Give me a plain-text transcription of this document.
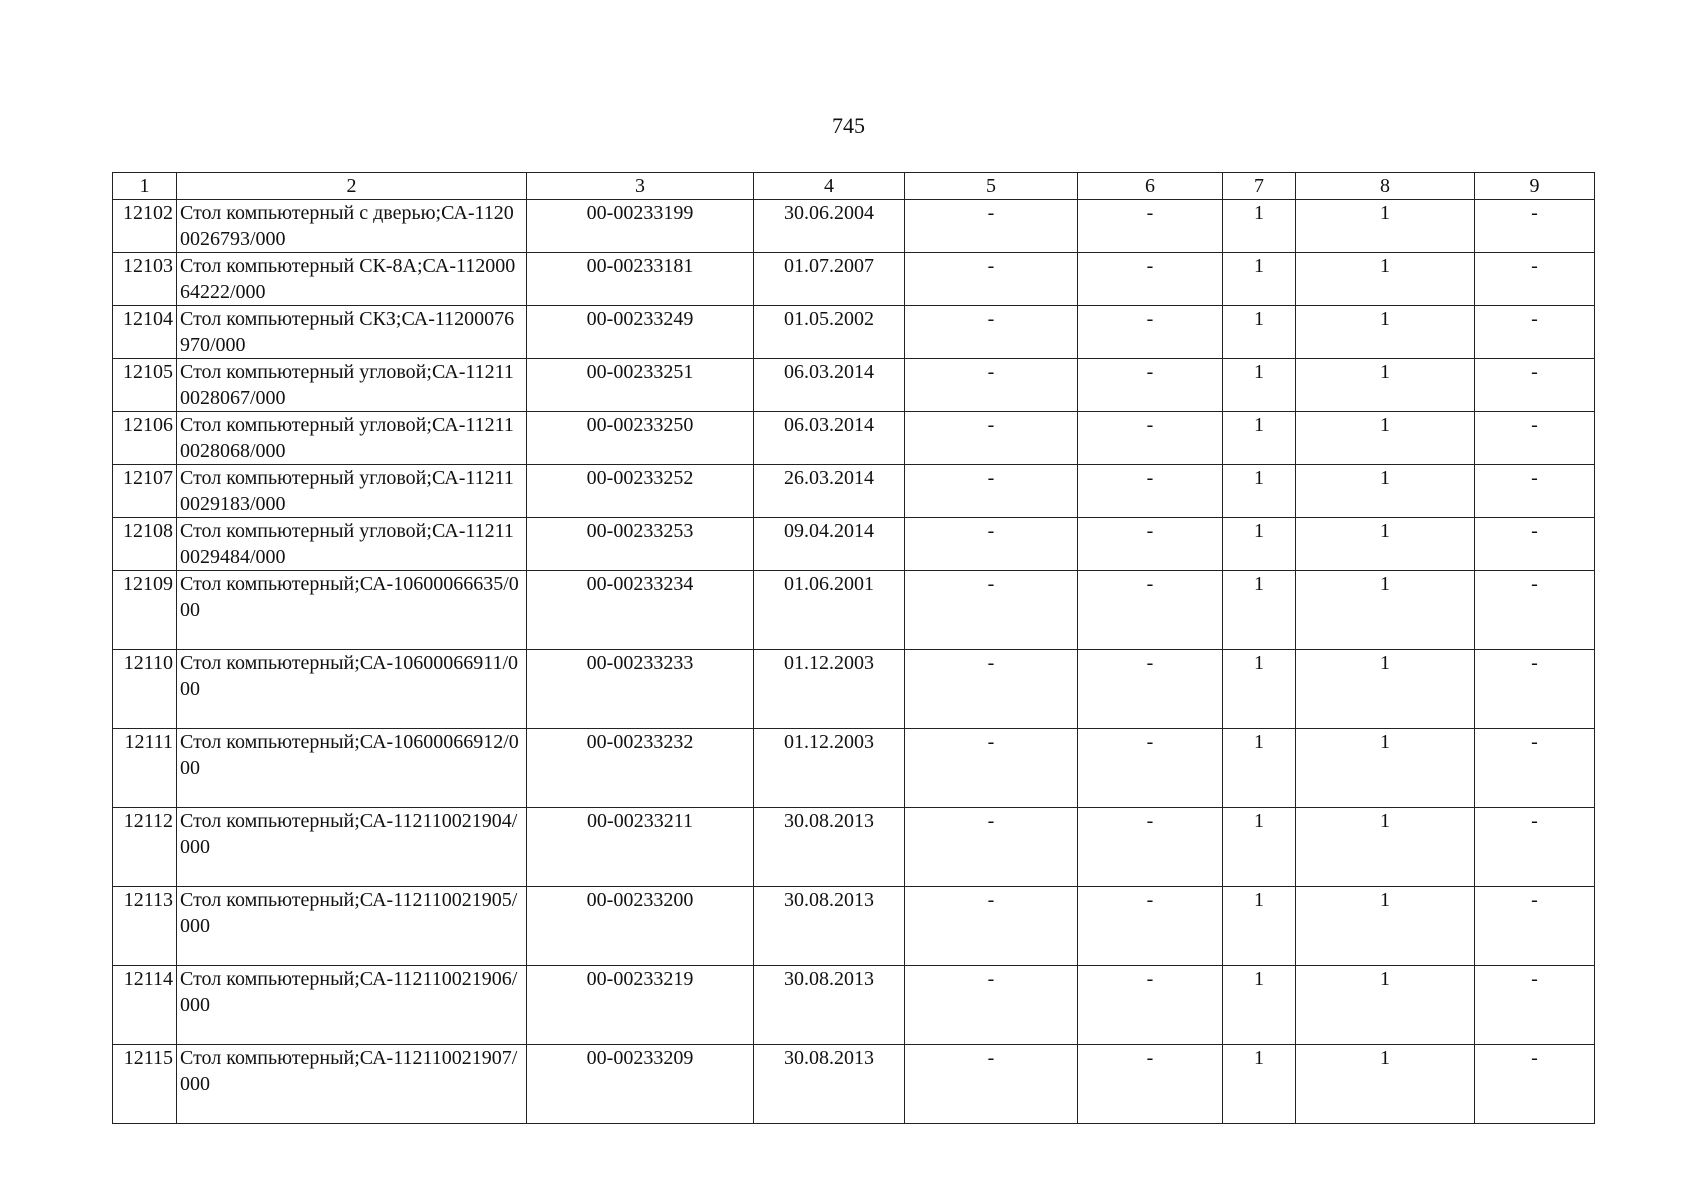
745
1	2	3	4	5	6	7	8	9
12102	Стол компьютерный с дверью;СА-11200026793/000	00-00233199	30.06.2004	-	-	1	1	-
12103	Стол компьютерный СК-8А;СА-11200064222/000	00-00233181	01.07.2007	-	-	1	1	-
12104	Стол компьютерный СКЗ;СА-11200076970/000	00-00233249	01.05.2002	-	-	1	1	-
12105	Стол компьютерный угловой;СА-112110028067/000	00-00233251	06.03.2014	-	-	1	1	-
12106	Стол компьютерный угловой;СА-112110028068/000	00-00233250	06.03.2014	-	-	1	1	-
12107	Стол компьютерный угловой;СА-112110029183/000	00-00233252	26.03.2014	-	-	1	1	-
12108	Стол компьютерный угловой;СА-112110029484/000	00-00233253	09.04.2014	-	-	1	1	-
12109	Стол компьютерный;СА-10600066635/000	00-00233234	01.06.2001	-	-	1	1	-
12110	Стол компьютерный;СА-10600066911/000	00-00233233	01.12.2003	-	-	1	1	-
12111	Стол компьютерный;СА-10600066912/000	00-00233232	01.12.2003	-	-	1	1	-
12112	Стол компьютерный;СА-112110021904/000	00-00233211	30.08.2013	-	-	1	1	-
12113	Стол компьютерный;СА-112110021905/000	00-00233200	30.08.2013	-	-	1	1	-
12114	Стол компьютерный;СА-112110021906/000	00-00233219	30.08.2013	-	-	1	1	-
12115	Стол компьютерный;СА-112110021907/000	00-00233209	30.08.2013	-	-	1	1	-
